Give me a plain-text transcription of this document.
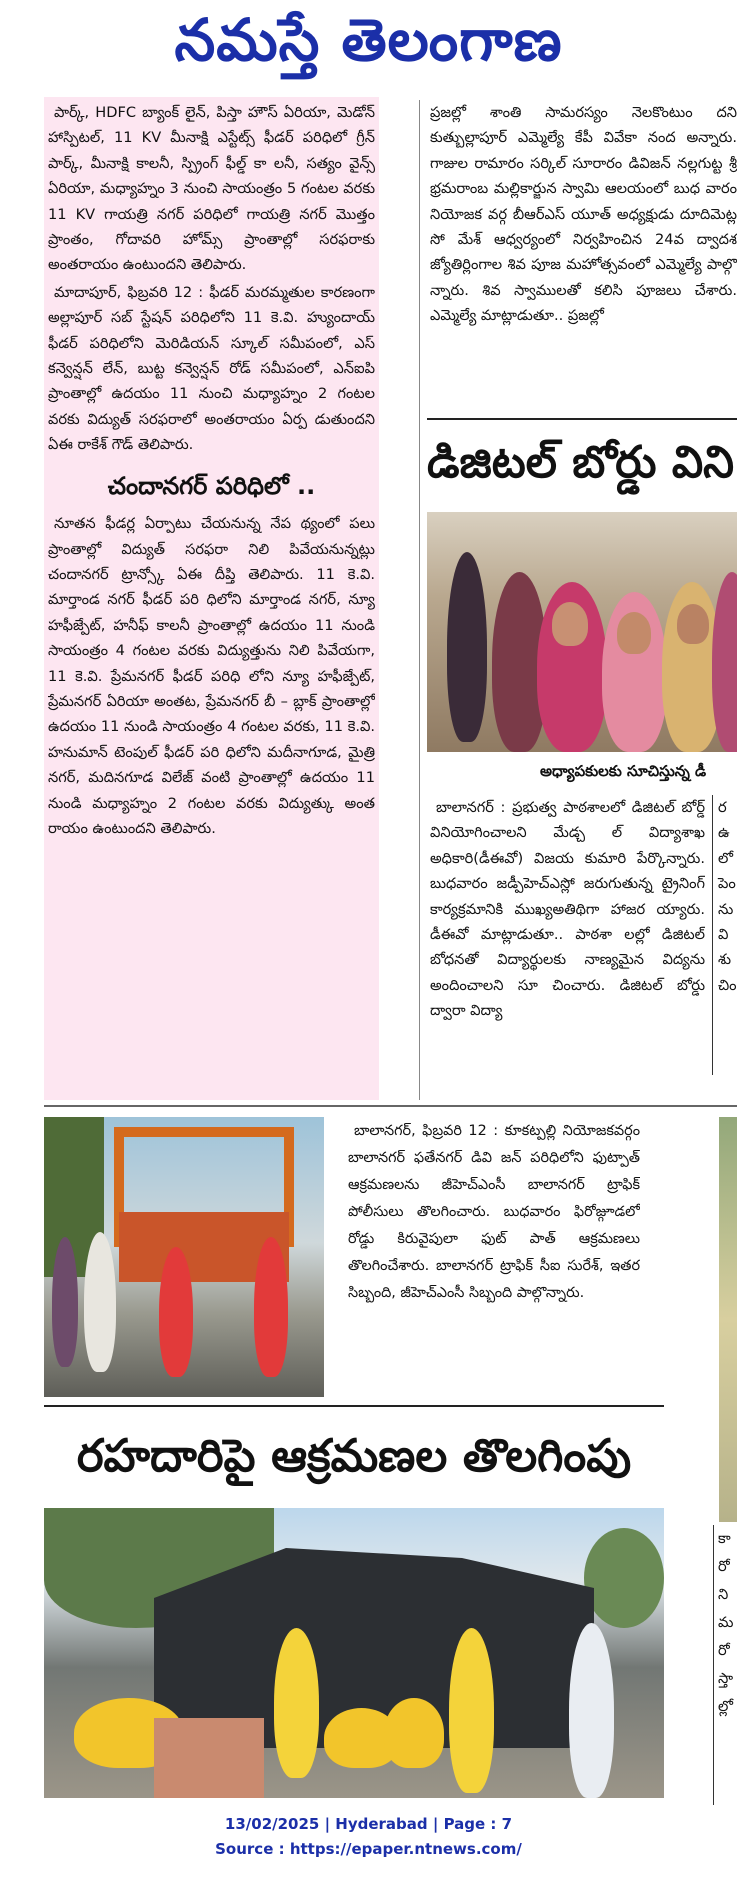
నమస్తే తెలంగాణ

పార్క్, HDFC బ్యాంక్ లైన్, పిస్తా హౌస్ ఏరియా, మెడోన్ హాస్పిటల్, 11 KV మీనాక్షి ఎస్టేట్స్ ఫీడర్ పరిధిలో గ్రీన్ పార్క్, మీనాక్షి కాలనీ, స్ప్రింగ్ ఫీల్డ్ కా లనీ, సత్యం వైన్స్ ఏరియా, మధ్యాహ్నం 3 నుంచి సాయంత్రం 5 గంటల వరకు 11 KV గాయత్రి నగర్ పరిధిలో గాయత్రి నగర్ మొత్తం ప్రాంతం, గోదావరి హోమ్స్ ప్రాంతాల్లో సరఫరాకు అంతరాయం ఉంటుందని తెలిపారు.

మాదాపూర్, ఫిబ్రవరి 12 : ఫీడర్ మరమ్మతుల కారణంగా అల్లాపూర్ సబ్ స్టేషన్ పరిధిలోని 11 కె.వి. హ్యుందాయ్ ఫీడర్ పరిధిలోని మెరిడియన్ స్కూల్ సమీపంలో, ఎస్ కన్వెన్షన్ లేన్, బుట్ట కన్వెన్షన్ రోడ్ సమీపంలో, ఎన్ఐపి ప్రాంతాల్లో ఉదయం 11 నుంచి మధ్యాహ్నం 2 గంటల వరకు విద్యుత్ సరఫరాలో అంతరాయం ఏర్ప డుతుందని ఏఈ రాకేశ్ గౌడ్ తెలిపారు.

చందానగర్ పరిధిలో ..

నూతన ఫీడర్ల ఏర్పాటు చేయనున్న నేప థ్యంలో పలు ప్రాంతాల్లో విద్యుత్ సరఫరా నిలి పివేయనున్నట్లు చందానగర్ ట్రాన్స్కో ఏఈ దీప్తి తెలిపారు. 11 కె.వి. మార్తాండ నగర్ ఫీడర్ పరి ధిలోని మార్తాండ నగర్, న్యూ హఫీజ్పేట్, హనీఫ్ కాలనీ ప్రాంతాల్లో ఉదయం 11 నుండి సాయంత్రం 4 గంటల వరకు విద్యుత్తును నిలి పివేయగా, 11 కె.వి. ప్రేమనగర్ ఫీడర్ పరిధి లోని న్యూ హఫీజ్పేట్, ప్రేమనగర్ ఏరియా అంతట, ప్రేమనగర్ బీ – బ్లాక్ ప్రాంతాల్లో ఉదయం 11 నుండి సాయంత్రం 4 గంటల వరకు, 11 కె.వి. హనుమాన్ టెంపుల్ ఫీడర్ పరి ధిలోని మదీనాగూడ, మైత్రి నగర్, మదినగూడ విలేజ్ వంటి ప్రాంతాల్లో ఉదయం 11 నుండి మధ్యాహ్నం 2 గంటల వరకు విద్యుత్కు అంత రాయం ఉంటుందని తెలిపారు.

ప్రజల్లో శాంతి సామరస్యం నెలకొంటుం దని కుత్బుల్లాపూర్ ఎమ్మెల్యే కేపీ వివేకా నంద అన్నారు. గాజుల రామారం సర్కిల్ సూరారం డివిజన్ నల్లగుట్ట శ్రీ భ్రమరాంబ మల్లికార్జున స్వామి ఆలయంలో బుధ వారం నియోజక వర్గ బీఆర్ఎస్ యూత్ అధ్యక్షుడు దూదిమెట్ల సో మేశ్ ఆధ్వర్యంలో నిర్వహించిన 24వ ద్వాదశ జ్యోతిర్లింగాల శివ పూజ మహోత్సవంలో ఎమ్మెల్యే పాల్గొ న్నారు. శివ స్వాములతో కలిసి పూజలు చేశారు. ఎమ్మెల్యే మాట్లాడుతూ.. ప్రజల్లో

డిజిటల్ బోర్డు విని
అధ్యాపకులకు సూచిస్తున్న డీ

బాలానగర్ : ప్రభుత్వ పాఠశాలలో డిజిటల్ బోర్డ్ వినియోగించాలని మేడ్చ ల్ విద్యాశాఖ అధికారి(డీఈవో) విజయ కుమారి పేర్కొన్నారు. బుధవారం జడ్పీహెచ్ఎస్లో జరుగుతున్న ట్రైనింగ్ కార్యక్రమానికి ముఖ్యఅతిథిగా హాజర య్యారు. డీఈవో మాట్లాడుతూ.. పాఠశా లల్లో డిజిటల్ బోధనతో విద్యార్థులకు నాణ్యమైన విద్యను అందించాలని సూ చించారు. డిజిటల్ బోర్డు ద్వారా విద్యా

ర
ఉ
లో
పెం
ను
వి
శు
చిం

బాలానగర్, ఫిబ్రవరి 12 : కూకట్పల్లి నియోజకవర్గం బాలానగర్ ఫతేనగర్ డివి జన్ పరిధిలోని ఫుట్పాత్ ఆక్రమణలను జీహెచ్ఎంసీ బాలానగర్ ట్రాఫిక్ పోలీసులు తొలగించారు. బుధవారం ఫిరోజ్గూడలో రోడ్డు కిరువైపులా ఫుట్ పాత్ ఆక్రమణలు తొలగించేశారు. బాలానగర్ ట్రాఫిక్ సీఐ సురేశ్, ఇతర సిబ్బంది, జీహెచ్ఎంసీ సిబ్బంది పాల్గొన్నారు.

రహదారిపై ఆక్రమణల తొలగింపు
కా
రో
ని
మ
రో
స్తా
ల్లో
13/02/2025 | Hyderabad | Page : 7
Source : https://epaper.ntnews.com/
